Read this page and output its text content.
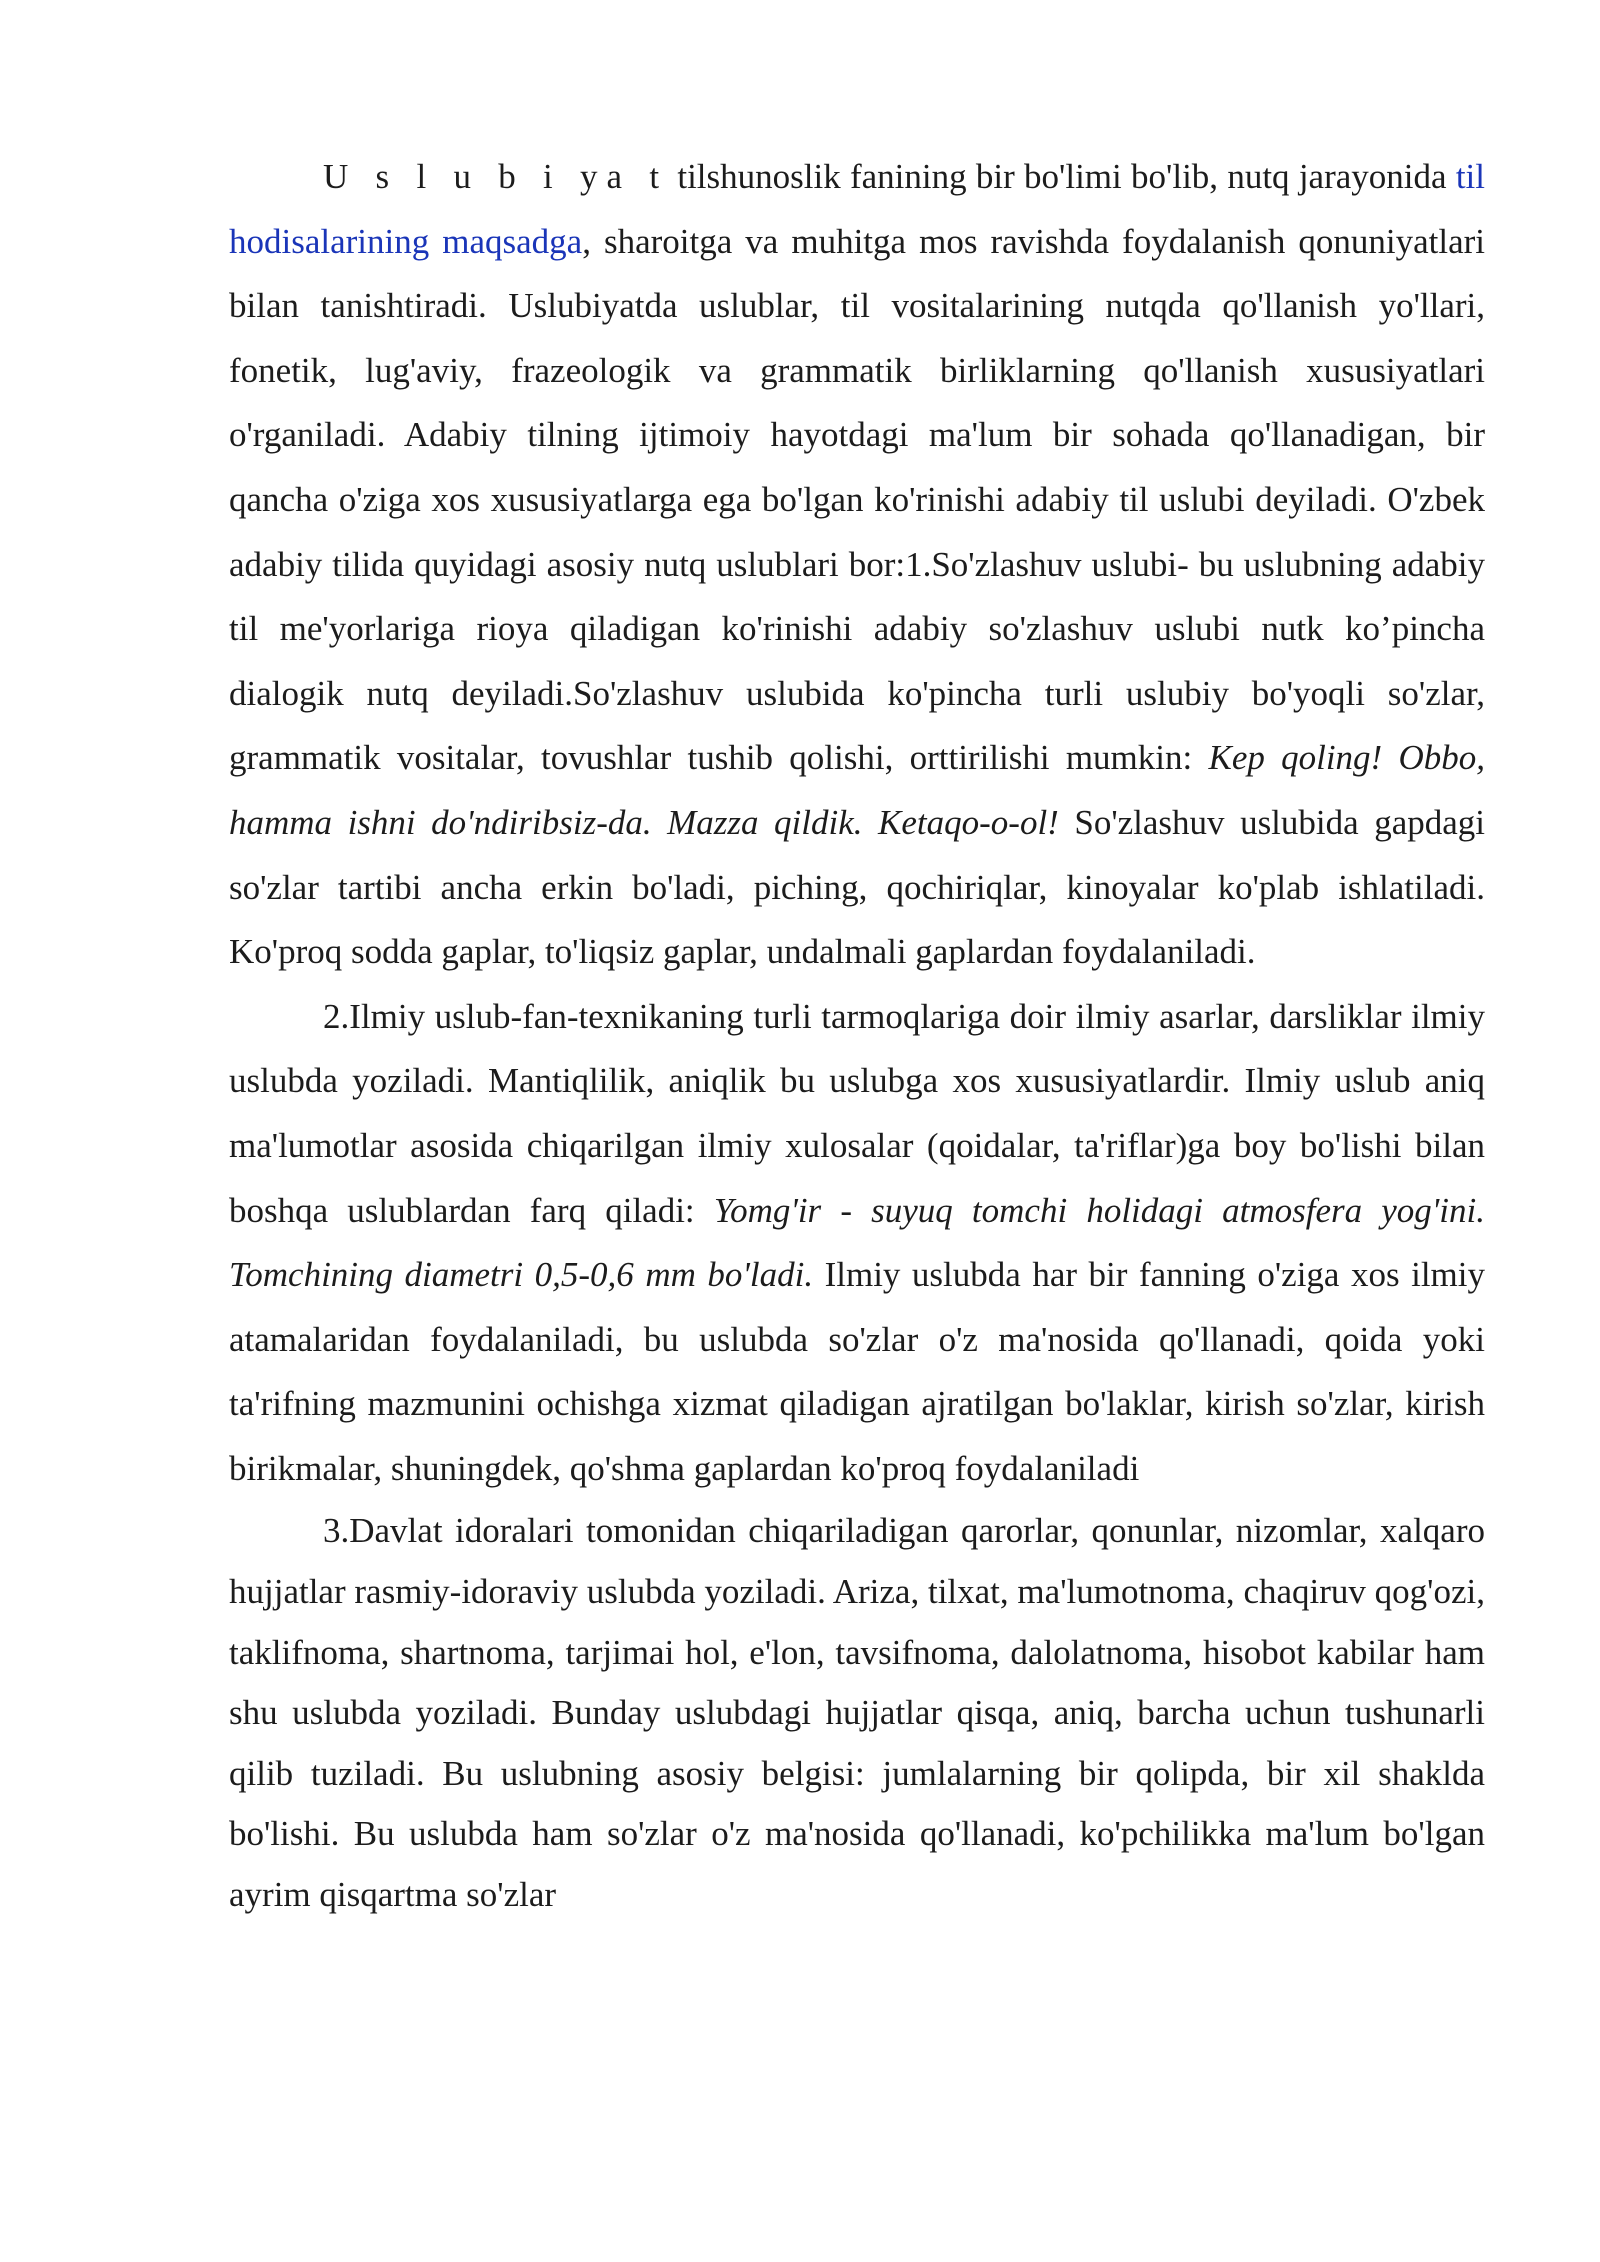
U s l u b i ya t tilshunoslik fanining bir bo'limi bo'lib, nutq jarayonida til hodisalarining maqsadga, sharoitga va muhitga mos ravishda foydalanish qonuniyatlari bilan tanishtiradi. Uslubiyatda uslublar, til vositalarining nutqda qo'llanish yo'llari, fonetik, lug'aviy, frazeologik va grammatik birliklarning qo'llanish xususiyatlari o'rganiladi. Adabiy tilning ijtimoiy hayotdagi ma'lum bir sohada qo'llanadigan, bir qancha o'ziga xos xususiyatlarga ega bo'lgan ko'rinishi adabiy til uslubi deyiladi. O'zbek adabiy tilida quyidagi asosiy nutq uslublari bor:1.So'zlashuv uslubi- bu uslubning adabiy til me'yorlariga rioya qiladigan ko'rinishi adabiy so'zlashuv uslubi nutk ko’pincha dialogik nutq deyiladi.So'zlashuv uslubida ko'pincha turli uslubiy bo'yoqli so'zlar, grammatik vositalar, tovushlar tushib qolishi, orttirilishi mumkin: Kep qoling! Obbo, hamma ishni do'ndiribsiz-da. Mazza qildik. Ketaqo-o-ol! So'zlashuv uslubida gapdagi so'zlar tartibi ancha erkin bo'ladi, piching, qochiriqlar, kinoyalar ko'plab ishlatiladi. Ko'proq sodda gaplar, to'liqsiz gaplar, undalmali gaplardan foydalaniladi.

2.Ilmiy uslub-fan-texnikaning turli tarmoqlariga doir ilmiy asarlar, darsliklar ilmiy uslubda yoziladi. Mantiqlilik, aniqlik bu uslubga xos xususiyatlardir. Ilmiy uslub aniq ma'lumotlar asosida chiqarilgan ilmiy xulosalar (qoidalar, ta'riflar)ga boy bo'lishi bilan boshqa uslublardan farq qiladi: Yomg'ir - suyuq tomchi holidagi atmosfera yog'ini. Tomchining diametri 0,5-0,6 mm bo'ladi. Ilmiy uslubda har bir fanning o'ziga xos ilmiy atamalaridan foydalaniladi, bu uslubda so'zlar o'z ma'nosida qo'llanadi, qoida yoki ta'rifning mazmunini ochishga xizmat qiladigan ajratilgan bo'laklar, kirish so'zlar, kirish birikmalar, shuningdek, qo'shma gaplardan ko'proq foydalaniladi

3.Davlat idoralari tomonidan chiqariladigan qarorlar, qonunlar, nizomlar, xalqaro hujjatlar rasmiy-idoraviy uslubda yoziladi. Ariza, tilxat, ma'lumotnoma, chaqiruv qog'ozi, taklifnoma, shartnoma, tarjimai hol, e'lon, tavsifnoma, dalolatnoma, hisobot kabilar ham shu uslubda yoziladi. Bunday uslubdagi hujjatlar qisqa, aniq, barcha uchun tushunarli qilib tuziladi. Bu uslubning asosiy belgisi: jumlalarning bir qolipda, bir xil shaklda bo'lishi. Bu uslubda ham so'zlar o'z ma'nosida qo'llanadi, ko'pchilikka ma'lum bo'lgan ayrim qisqartma so'zlar
